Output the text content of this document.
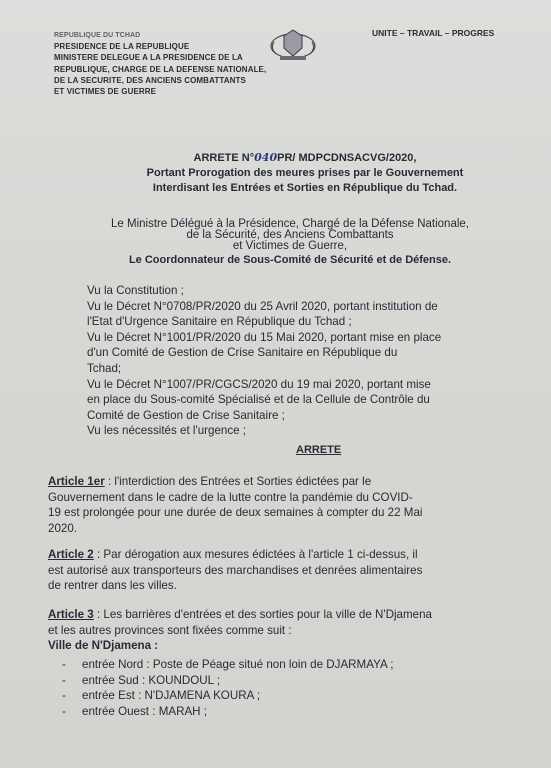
REPUBLIQUE DU TCHAD
PRESIDENCE DE LA REPUBLIQUE
MINISTERE DELEGUE A LA PRESIDENCE DE LA
REPUBLIQUE, CHARGE DE LA DEFENSE NATIONALE,
DE LA SECURITE, DES ANCIENS COMBATTANTS
ET VICTIMES DE GUERRE
UNITE – TRAVAIL – PROGRES
ARRETE N°040PR/ MDPCDNSACVG/2020,
Portant Prorogation des meures prises par le Gouvernement
Interdisant les Entrées et Sorties en République du Tchad.
Le Ministre Délégué à la Présidence, Chargé de la Défense Nationale,
de la Sécurité, des Anciens Combattants
et Victimes de Guerre,
Le Coordonnateur de Sous-Comité de Sécurité et de Défense.
Vu la Constitution ;
Vu le Décret N°0708/PR/2020 du 25 Avril 2020, portant institution de
l'Etat d'Urgence Sanitaire en République du Tchad ;
Vu le Décret N°1001/PR/2020 du 15 Mai 2020, portant mise en place
d'un Comité de Gestion de Crise Sanitaire en République du
Tchad;
Vu le Décret N°1007/PR/CGCS/2020 du 19 mai 2020, portant mise
en place du Sous-comité Spécialisé et de la Cellule de Contrôle du
Comité de Gestion de Crise Sanitaire ;
Vu les nécessités et l'urgence ;
ARRETE
Article 1er : l'interdiction des Entrées et Sorties édictées par le
Gouvernement dans le cadre de la lutte contre la pandémie du COVID-
19 est prolongée pour une durée de deux semaines à compter du 22 Mai
2020.
Article 2 : Par dérogation aux mesures édictées à l'article 1 ci-dessus, il
est autorisé aux transporteurs des marchandises et denrées alimentaires
de rentrer dans les villes.
Article 3 : Les barrières d'entrées et des sorties pour la ville de N'Djamena
et les autres provinces sont fixées comme suit :
Ville de N'Djamena :
- entrée Nord : Poste de Péage situé non loin de DJARMAYA ;
- entrée Sud : KOUNDOUL ;
- entrée Est : N'DJAMENA KOURA ;
- entrée Ouest : MARAH ;
